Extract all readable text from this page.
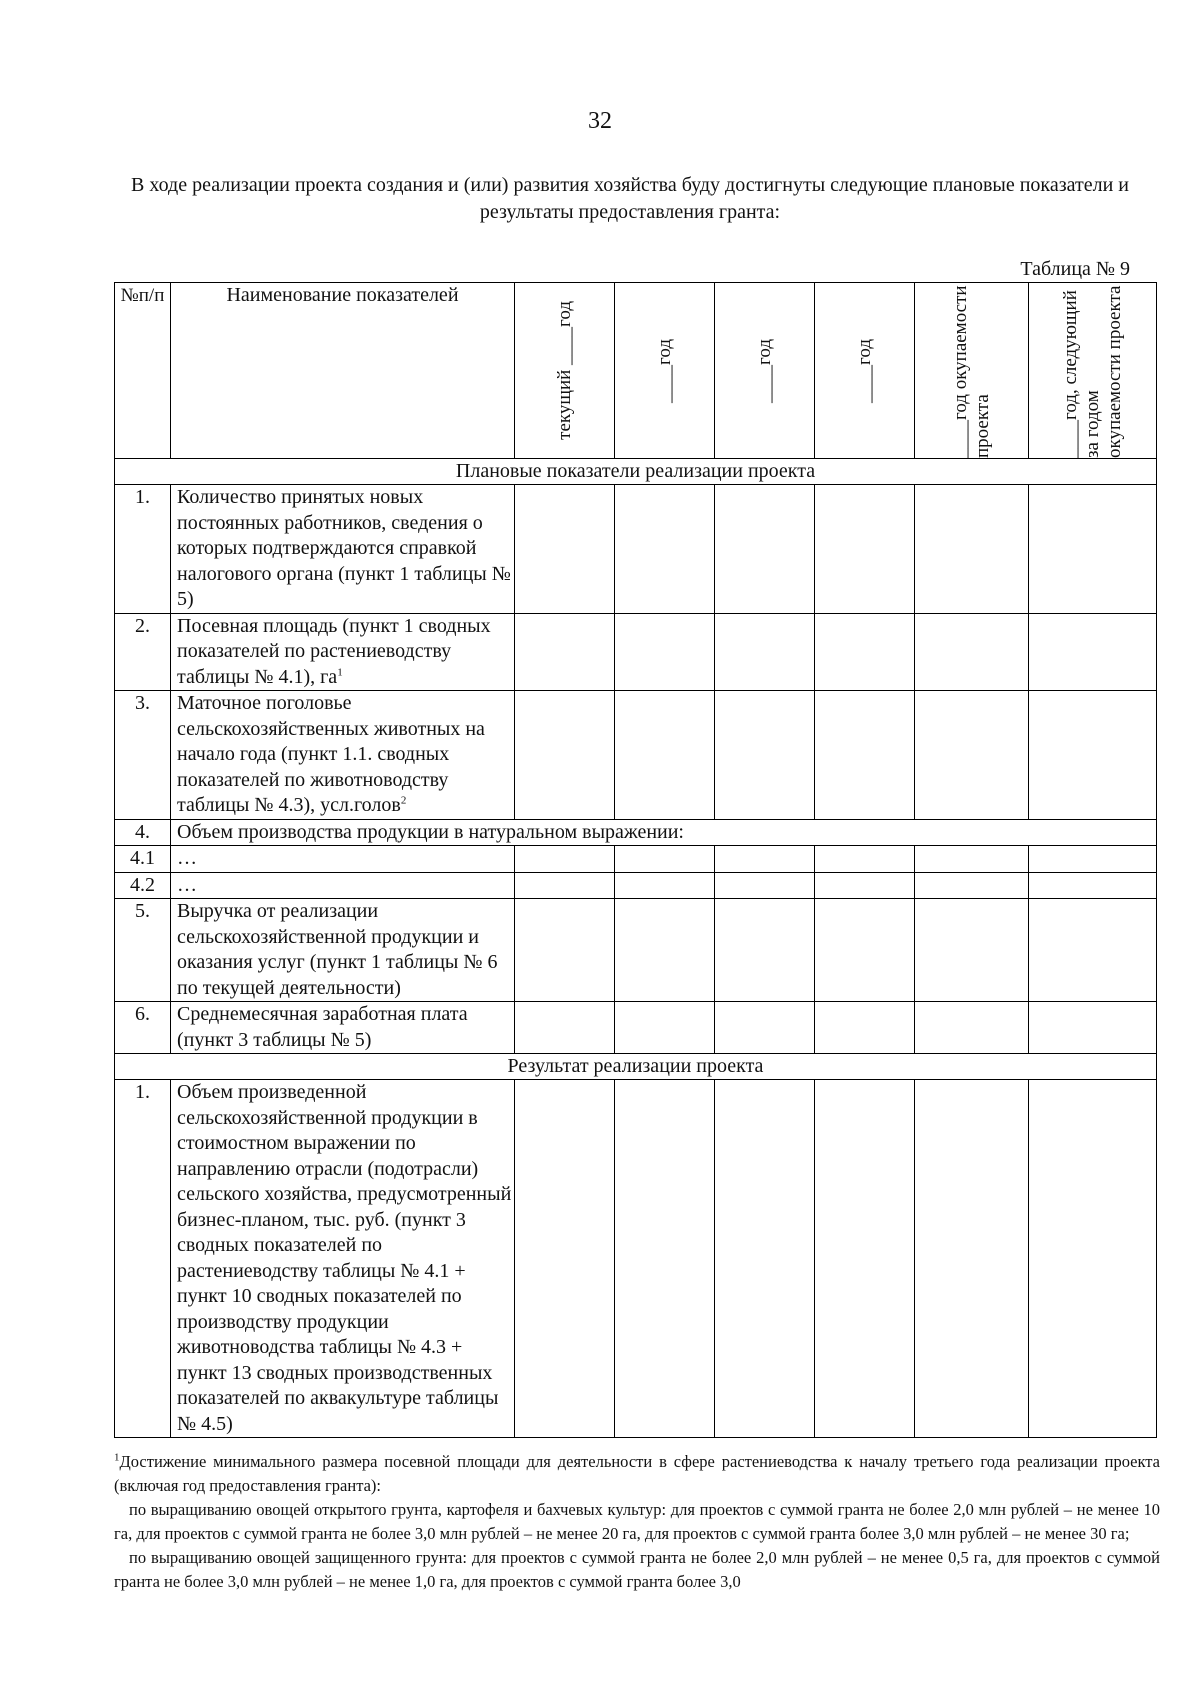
32
В ходе реализации проекта создания и (или) развития хозяйства буду достигнуты следующие плановые показатели и результаты предоставления гранта:
Таблица № 9
№п/п	Наименование показателей	текущий ____год	____год	____год	____год	____год окупаемости проекта	____год, следующий за годом окупаемости проекта

Плановые показатели реализации проекта							
1.	Количество принятых новых постоянных работников, сведения о которых подтверждаются справкой налогового органа (пункт 1 таблицы № 5)						
2.	Посевная площадь (пункт 1 сводных показателей по растениеводству таблицы № 4.1), $га^1$						
3.	Маточное поголовье сельскохозяйственных животных на начало года (пункт 1.1. сводных показателей по животноводству таблицы № 4.3), усл.голов$^2$						
4.	Объем производства продукции в натуральном выражении:						
4.1	…						
4.2	…						
5.	Выручка от реализации сельскохозяйственной продукции и оказания услуг (пункт 1 таблицы № 6 по текущей деятельности)						
6.	Среднемесячная заработная плата (пункт 3 таблицы № 5)						
Результат реализации проекта							
1.	Объем произведенной сельскохозяйственной продукции в стоимостном выражении по направлению отрасли (подотрасли) сельского хозяйства, предусмотренный бизнес-планом, тыс. руб. (пункт 3 сводных показателей по растениеводству таблицы № 4.1 + пункт 10 сводных показателей по производству продукции животноводства таблицы № 4.3 + пункт 13 сводных производственных показателей по аквакультуре таблицы № 4.5)						

$^1$Достижение минимального размера посевной площади для деятельности в сфере растениеводства к началу третьего года реализации проекта (включая год предоставления гранта):

по выращиванию овощей открытого грунта, картофеля и бахчевых культур: для проектов с суммой гранта не более 2,0 млн рублей – не менее 10 га, для проектов с суммой гранта не более 3,0 млн рублей – не менее 20 га, для проектов с суммой гранта более 3,0 млн рублей – не менее 30 га;

по выращиванию овощей защищенного грунта: для проектов с суммой гранта не более 2,0 млн рублей – не менее 0,5 га, для проектов с суммой гранта не более 3,0 млн рублей – не менее 1,0 га, для проектов с суммой гранта более 3,0
